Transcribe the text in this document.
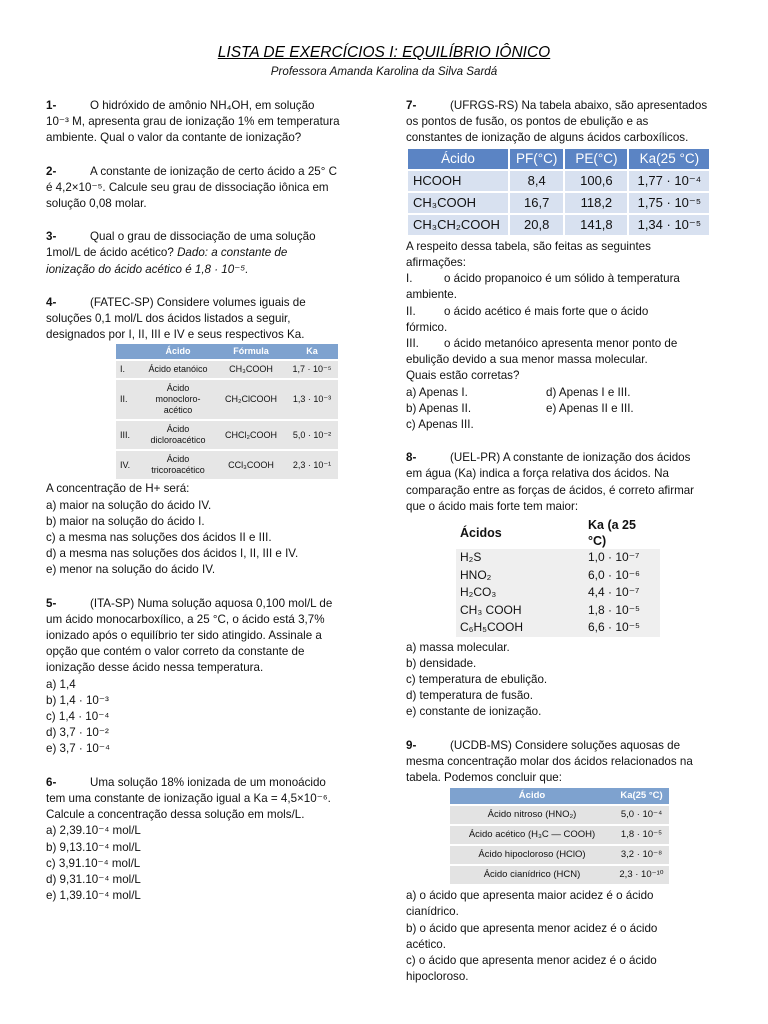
LISTA DE EXERCÍCIOS I: EQUILÍBRIO IÔNICO
Professora Amanda Karolina da Silva Sardá

1-	O hidróxido de amônio NH₄OH, em solução

10⁻³ M, apresenta grau de ionização 1% em temperatura

ambiente. Qual o valor da contante de ionização?

2-	A constante de ionização de certo ácido a 25° C

é 4,2×10⁻⁵. Calcule seu grau de dissociação iônica em

solução 0,08 molar.

3-	Qual o grau de dissociação de uma solução

1mol/L de ácido acético? Dado: a constante de

ionização do ácido acético é 1,8 · 10⁻⁵.

4-	(FATEC-SP) Considere volumes iguais de

soluções 0,1 mol/L dos ácidos listados a seguir,

designados por I, II, III e IV e seus respectivos Ka.

	Ácido	Fórmula	Ka
I.	Ácido etanóico	CH₃COOH	1,7 · 10⁻⁵
II.	Ácido monocloro-acético	CH₂ClCOOH	1,3 · 10⁻³
III.	Ácido dicloroacético	CHCl₂COOH	5,0 · 10⁻²
IV.	Ácido tricoroacético	CCl₃COOH	2,3 · 10⁻¹

A concentração de H+ será:

a) maior na solução do ácido IV.

b) maior na solução do ácido I.

c) a mesma nas soluções dos ácidos II e III.

d) a mesma nas soluções dos ácidos I, II, III e IV.

e) menor na solução do ácido IV.

5-	(ITA-SP) Numa solução aquosa 0,100 mol/L de

um ácido monocarboxílico, a 25 °C, o ácido está 3,7%

ionizado após o equilíbrio ter sido atingido. Assinale a

opção que contém o valor correto da constante de

ionização desse ácido nessa temperatura.

a) 1,4

b) 1,4 · 10⁻³

c) 1,4 · 10⁻⁴

d) 3,7 · 10⁻²

e) 3,7 · 10⁻⁴

6-	Uma solução 18% ionizada de um monoácido

tem uma constante de ionização igual a Ka = 4,5×10⁻⁶.

Calcule a concentração dessa solução em mols/L.

a) 2,39.10⁻⁴ mol/L

b) 9,13.10⁻⁴ mol/L

c) 3,91.10⁻⁴ mol/L

d) 9,31.10⁻⁴ mol/L

e) 1,39.10⁻⁴ mol/L

7-	(UFRGS-RS) Na tabela abaixo, são apresentados

os pontos de fusão, os pontos de ebulição e as

constantes de ionização de alguns ácidos carboxílicos.

Ácido	PF(°C)	PE(°C)	Ka(25 °C)
HCOOH	8,4	100,6	1,77 · 10⁻⁴
CH₃COOH	16,7	118,2	1,75 · 10⁻⁵
CH₃CH₂COOH	20,8	141,8	1,34 · 10⁻⁵

A respeito dessa tabela, são feitas as seguintes

afirmações:

I.	o ácido propanoico é um sólido à temperatura

ambiente.

II. o ácido acético é mais forte que o ácido

fórmico.

III. o ácido metanóico apresenta menor ponto de

ebulição devido a sua menor massa molecular.

Quais estão corretas?

a) Apenas I.	d) Apenas I e III.
b) Apenas II.	e) Apenas II e III.
c) Apenas III.

8-	(UEL-PR) A constante de ionização dos ácidos

em água (Ka) indica a força relativa dos ácidos. Na

comparação entre as forças de ácidos, é correto afirmar

que o ácido mais forte tem maior:

Ácidos	Ka (a 25 °C)
H₂S	1,0 · 10⁻⁷
HNO₂	6,0 · 10⁻⁶
H₂CO₃	4,4 · 10⁻⁷
CH₃ COOH	1,8 · 10⁻⁵
C₆H₅COOH	6,6 · 10⁻⁵

a) massa molecular.

b) densidade.

c) temperatura de ebulição.

d) temperatura de fusão.

e) constante de ionização.

9-	(UCDB-MS) Considere soluções aquosas de

mesma concentração molar dos ácidos relacionados na

tabela. Podemos concluir que:

Ácido	Ka(25 °C)
Ácido nitroso (HNO₂)	5,0 · 10⁻⁴
Ácido acético (H₃C — COOH)	1,8 · 10⁻⁵
Ácido hipocloroso (HClO)	3,2 · 10⁻⁸
Ácido cianídrico (HCN)	2,3 · 10⁻¹⁰

a) o ácido que apresenta maior acidez é o ácido

cianídrico.

b) o ácido que apresenta menor acidez é o ácido

acético.

c) o ácido que apresenta menor acidez é o ácido

hipocloroso.
